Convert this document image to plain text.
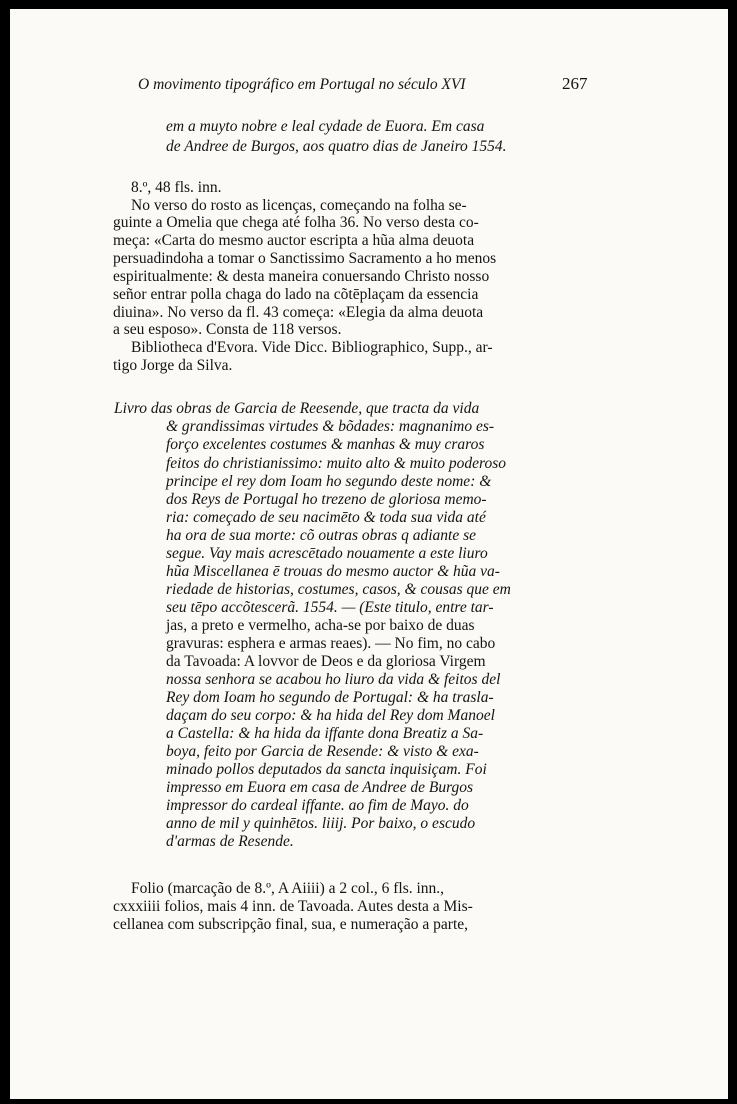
O movimento tipográfico em Portugal no século XVI	267
em a muyto nobre e leal cydade de Euora. Em casa
de Andree de Burgos, aos quatro dias de Janeiro 1554.
8.º, 48 fls. inn.
No verso do rosto as licenças, começando na folha se-
guinte a Omelia que chega até folha 36. No verso desta co-
meça: «Carta do mesmo auctor escripta a hũa alma deuota
persuadindoha a tomar o Sanctissimo Sacramento a ho menos
espiritualmente: & desta maneira conuersando Christo nosso
señor entrar polla chaga do lado na cõtēplaçam da essencia
diuina». No verso da fl. 43 começa: «Elegia da alma deuota
a seu esposo». Consta de 118 versos.
Bibliotheca d'Evora. Vide Dicc. Bibliographico, Supp., ar-
tigo Jorge da Silva.
Livro das obras de Garcia de Reesende, que tracta da vida
& grandissimas virtudes & bõdades: magnanimo es-
forço excelentes costumes & manhas & muy craros
feitos do christianissimo: muito alto & muito poderoso
principe el rey dom Ioam ho segundo deste nome: &
dos Reys de Portugal ho trezeno de gloriosa memo-
ria: começado de seu nacimēto & toda sua vida até
ha ora de sua morte: cõ outras obras q adiante se
segue. Vay mais acrescētado nouamente a este liuro
hũa Miscellanea ē trouas do mesmo auctor & hũa va-
riedade de historias, costumes, casos, & cousas que em
seu tēpo accõtescerã. 1554. — (Este titulo, entre tar-
jas, a preto e vermelho, acha-se por baixo de duas
gravuras: esphera e armas reaes). — No fim, no cabo
da Tavoada: A lovvor de Deos e da gloriosa Virgem
nossa senhora se acabou ho liuro da vida & feitos del
Rey dom Ioam ho segundo de Portugal: & ha trasla-
daçam do seu corpo: & ha hida del Rey dom Manoel
a Castella: & ha hida da iffante dona Breatiz a Sa-
boya, feito por Garcia de Resende: & visto & exa-
minado pollos deputados da sancta inquisiçam. Foi
impresso em Euora em casa de Andree de Burgos
impressor do cardeal iffante. ao fim de Mayo. do
anno de mil y quinhētos. liiij. Por baixo, o escudo
d'armas de Resende.
Folio (marcação de 8.º, A Aiiii) a 2 col., 6 fls. inn.,
cxxxiiii folios, mais 4 inn. de Tavoada. Autes desta a Mis-
cellanea com subscripção final, sua, e numeração a parte,
